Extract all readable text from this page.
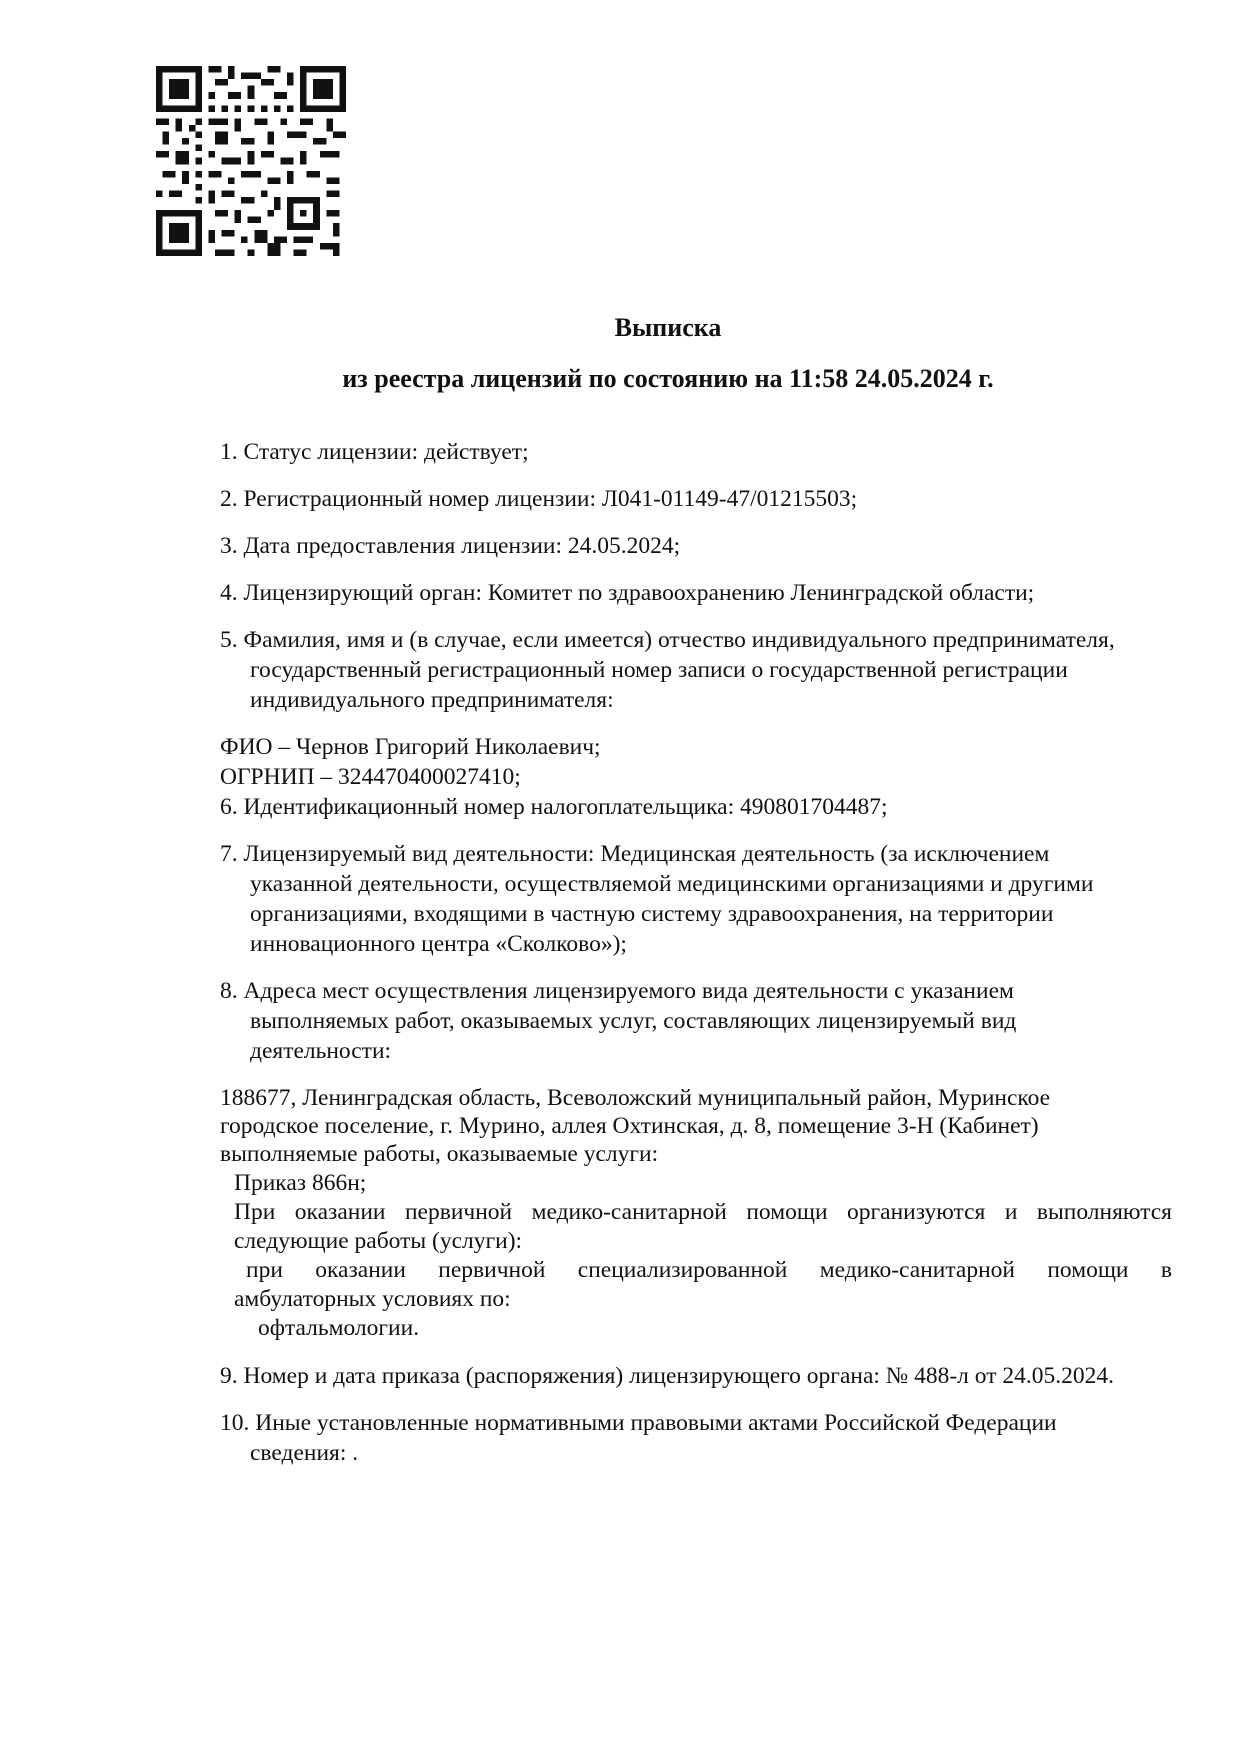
Выписка
из реестра лицензий по состоянию на 11:58 24.05.2024 г.
1. Статус лицензии: действует;
2. Регистрационный номер лицензии: Л041-01149-47/01215503;
3. Дата предоставления лицензии: 24.05.2024;
4. Лицензирующий орган: Комитет по здравоохранению Ленинградской области;
5. Фамилия, имя и (в случае, если имеется) отчество индивидуального предпринимателя,
государственный регистрационный номер записи о государственной регистрации
индивидуального предпринимателя:
ФИО – Чернов Григорий Николаевич;
ОГРНИП – 324470400027410;
6. Идентификационный номер налогоплательщика: 490801704487;
7. Лицензируемый вид деятельности: Медицинская деятельность (за исключением
указанной деятельности, осуществляемой медицинскими организациями и другими
организациями, входящими в частную систему здравоохранения, на территории
инновационного центра «Сколково»);
8. Адреса мест осуществления лицензируемого вида деятельности с указанием
выполняемых работ, оказываемых услуг, составляющих лицензируемый вид
деятельности:
188677, Ленинградская область, Всеволожский муниципальный район, Муринское
городское поселение, г. Мурино, аллея Охтинская, д. 8, помещение 3-Н (Кабинет)
выполняемые работы, оказываемые услуги:
Приказ 866н;
При оказании первичной медико-санитарной помощи организуются и выполняются
следующие работы (услуги):
при оказании первичной специализированной медико-санитарной помощи в
амбулаторных условиях по:
офтальмологии.
9. Номер и дата приказа (распоряжения) лицензирующего органа: № 488-л от 24.05.2024.
10. Иные установленные нормативными правовыми актами Российской Федерации
сведения: .
